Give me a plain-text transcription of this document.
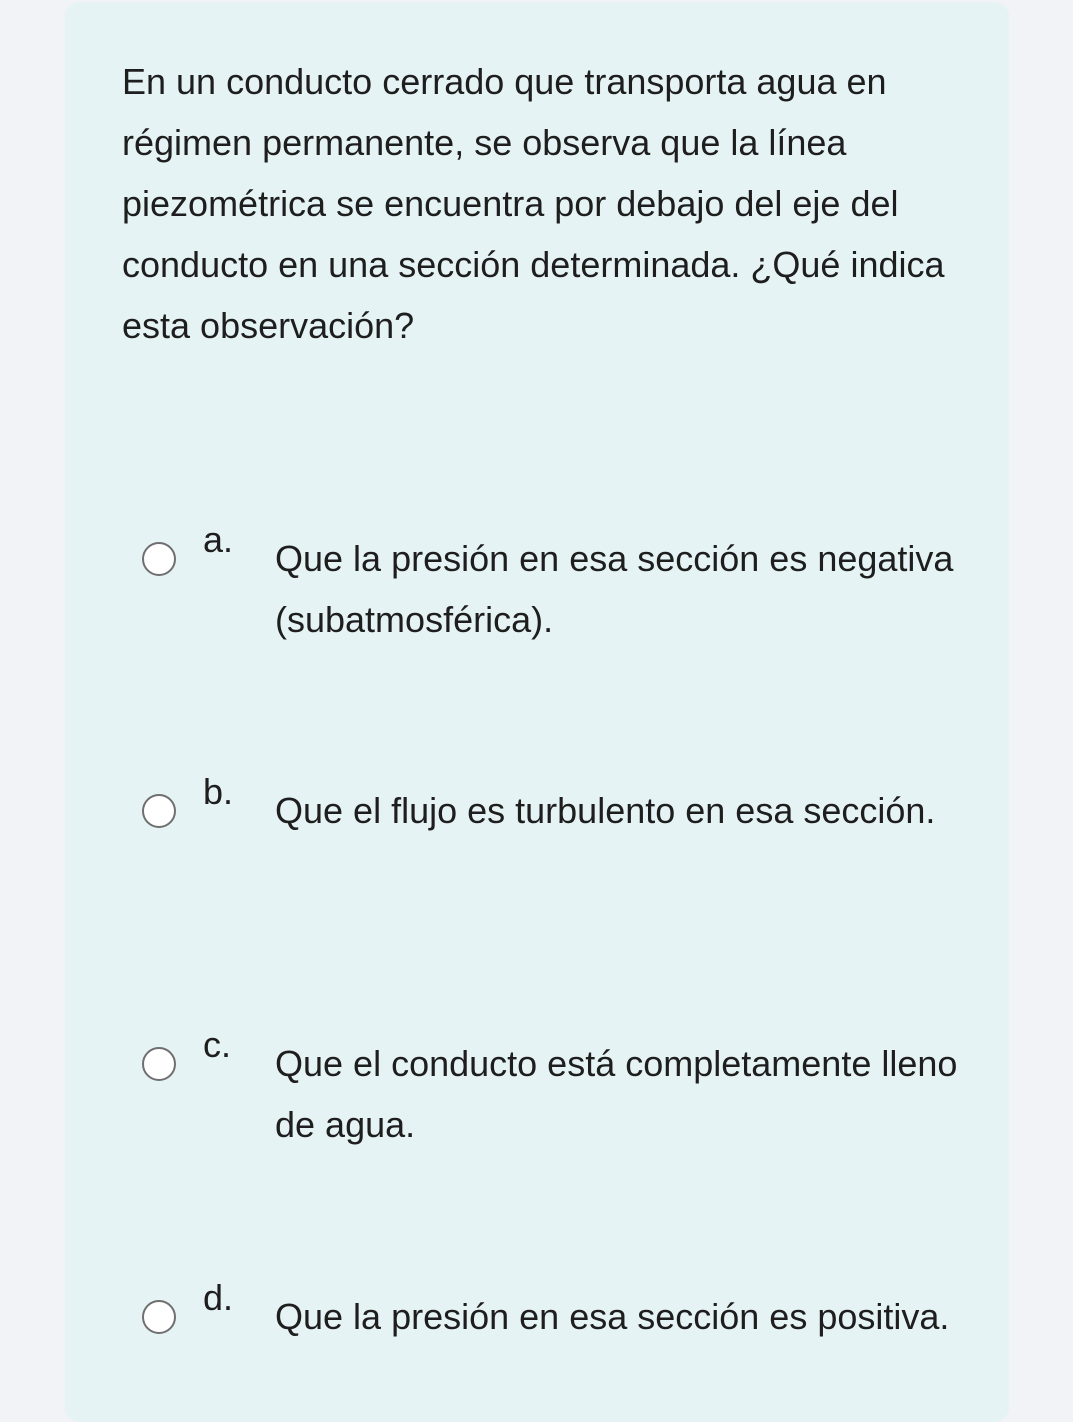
En un conducto cerrado que transporta agua en régimen permanente, se observa que la línea piezométrica se encuentra por debajo del eje del conducto en una sección determinada. ¿Qué indica esta observación?

a. Que la presión en esa sección es negativa (subatmosférica).
b. Que el flujo es turbulento en esa sección.
c. Que el conducto está completamente lleno de agua.
d. Que la presión en esa sección es positiva.
